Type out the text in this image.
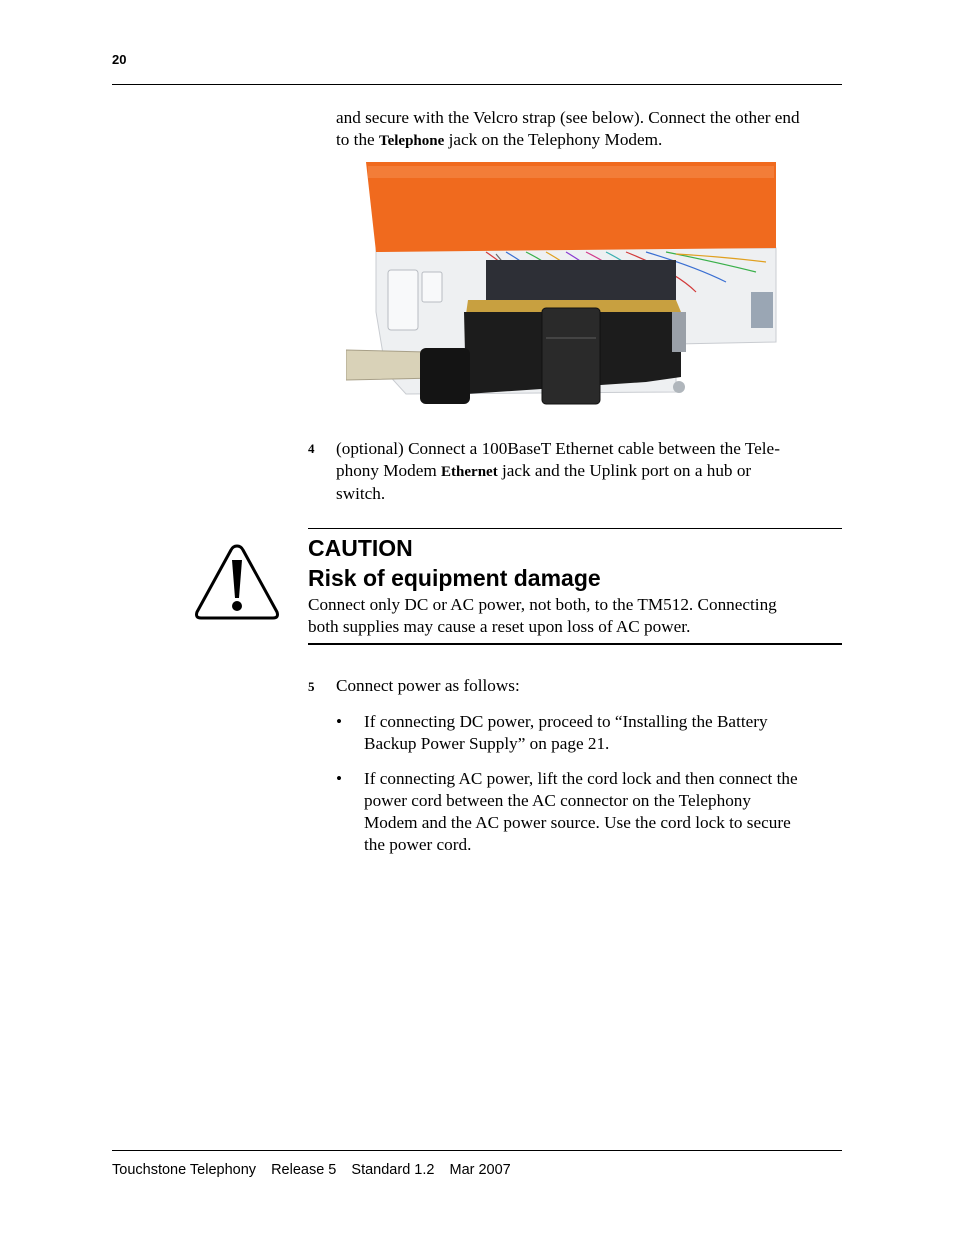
20
and secure with the Velcro strap (see below). Connect the other end
to the Telephone jack on the Telephony Modem.
4 (optional) Connect a 100BaseT Ethernet cable between the Tele-
phony Modem Ethernet jack and the Uplink port on a hub or
switch.
CAUTION
Risk of equipment damage
Connect only DC or AC power, not both, to the TM512. Connecting
both supplies may cause a reset upon loss of AC power.
5 Connect power as follows:
• If connecting DC power, proceed to “Installing the Battery
Backup Power Supply” on page 21.
• If connecting AC power, lift the cord lock and then connect the
power cord between the AC connector on the Telephony
Modem and the AC power source. Use the cord lock to secure
the power cord.
Touchstone Telephony Release 5 Standard 1.2 Mar 2007
